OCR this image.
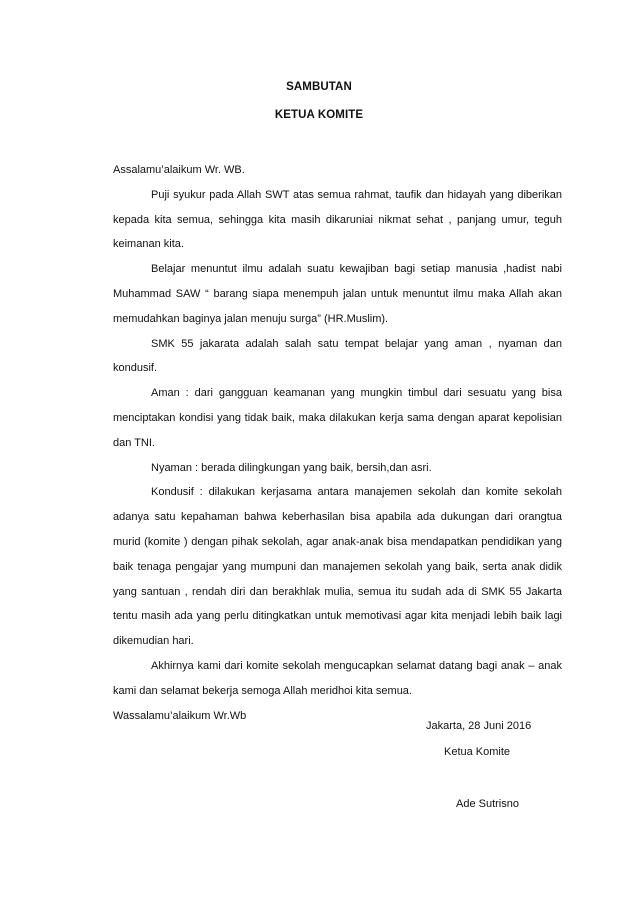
SAMBUTAN
KETUA KOMITE

Assalamu’alaikum Wr. WB.

Puji syukur pada Allah SWT atas semua rahmat, taufik dan hidayah yang diberikan kepada kita semua, sehingga kita masih dikaruniai nikmat sehat , panjang umur, teguh keimanan kita.

Belajar menuntut ilmu adalah suatu kewajiban bagi setiap manusia ,hadist nabi Muhammad SAW “ barang siapa menempuh jalan untuk menuntut ilmu maka Allah akan memudahkan baginya jalan menuju surga” (HR.Muslim).

SMK 55 jakarata adalah salah satu tempat belajar yang aman , nyaman dan kondusif.

Aman : dari gangguan keamanan yang mungkin timbul dari sesuatu yang bisa menciptakan kondisi yang tidak baik, maka dilakukan kerja sama dengan aparat kepolisian dan TNI.

Nyaman : berada dilingkungan yang baik, bersih,dan asri.

Kondusif : dilakukan kerjasama antara manajemen sekolah dan komite sekolah adanya satu kepahaman bahwa keberhasilan bisa apabila ada dukungan dari orangtua murid (komite ) dengan pihak sekolah, agar anak-anak bisa mendapatkan pendidikan yang baik tenaga pengajar yang mumpuni dan manajemen sekolah yang baik, serta anak didik yang santuan , rendah diri dan berakhlak mulia, semua itu sudah ada di SMK 55 Jakarta tentu masih ada yang perlu ditingkatkan untuk memotivasi agar kita menjadi lebih baik lagi dikemudian hari.

Akhirnya kami dari komite sekolah mengucapkan selamat datang bagi anak – anak kami dan selamat bekerja semoga Allah meridhoi kita semua.

Wassalamu’alaikum Wr.Wb

Jakarta, 28 Juni 2016
Ketua Komite
Ade Sutrisno
